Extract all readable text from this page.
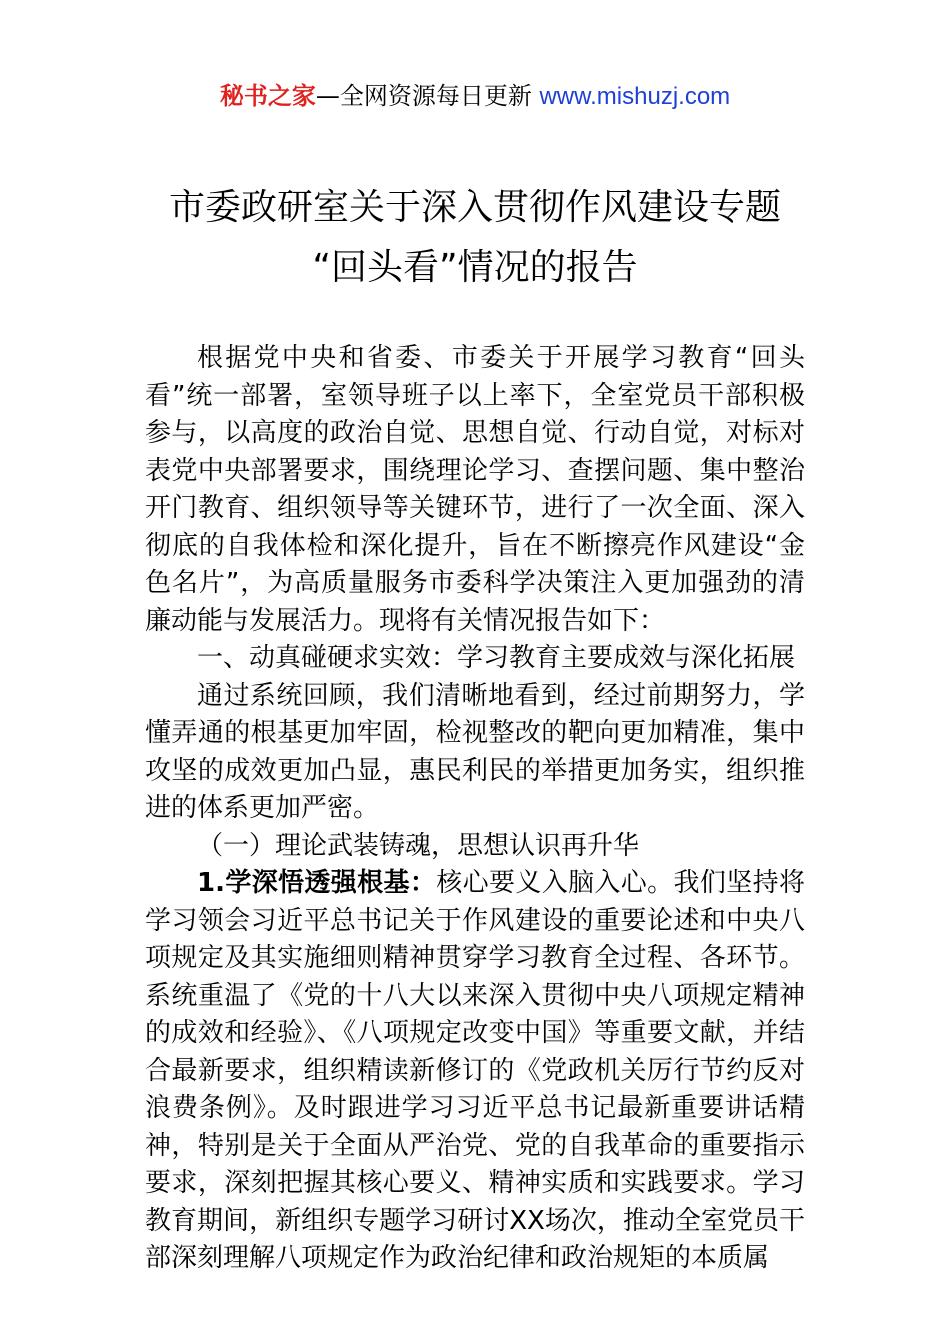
秘书之家—全网资源每日更新 www.mishuzj.com
市委政研室关于深入贯彻作风建设专题
“回头看”情况的报告

根据党中央和省委、市委关于开展学习教育“回头看”统一部署，室领导班子以上率下，全室党员干部积极参与，以高度的政治自觉、思想自觉、行动自觉，对标对表党中央部署要求，围绕理论学习、查摆问题、集中整治开门教育、组织领导等关键环节，进行了一次全面、深入彻底的自我体检和深化提升，旨在不断擦亮作风建设“金色名片”，为高质量服务市委科学决策注入更加强劲的清廉动能与发展活力。现将有关情况报告如下：

一、动真碰硬求实效：学习教育主要成效与深化拓展

通过系统回顾，我们清晰地看到，经过前期努力，学懂弄通的根基更加牢固，检视整改的靶向更加精准，集中攻坚的成效更加凸显，惠民利民的举措更加务实，组织推进的体系更加严密。

（一）理论武装铸魂，思想认识再升华

1.学深悟透强根基：核心要义入脑入心。我们坚持将学习领会习近平总书记关于作风建设的重要论述和中央八项规定及其实施细则精神贯穿学习教育全过程、各环节。系统重温了《党的十八大以来深入贯彻中央八项规定精神的成效和经验》、《八项规定改变中国》等重要文献，并结合最新要求，组织精读新修订的《党政机关厉行节约反对浪费条例》。及时跟进学习习近平总书记最新重要讲话精神，特别是关于全面从严治党、党的自我革命的重要指示要求，深刻把握其核心要义、精神实质和实践要求。学习教育期间，新组织专题学习研讨XX场次，推动全室党员干部深刻理解八项规定作为政治纪律和政治规矩的本质属
